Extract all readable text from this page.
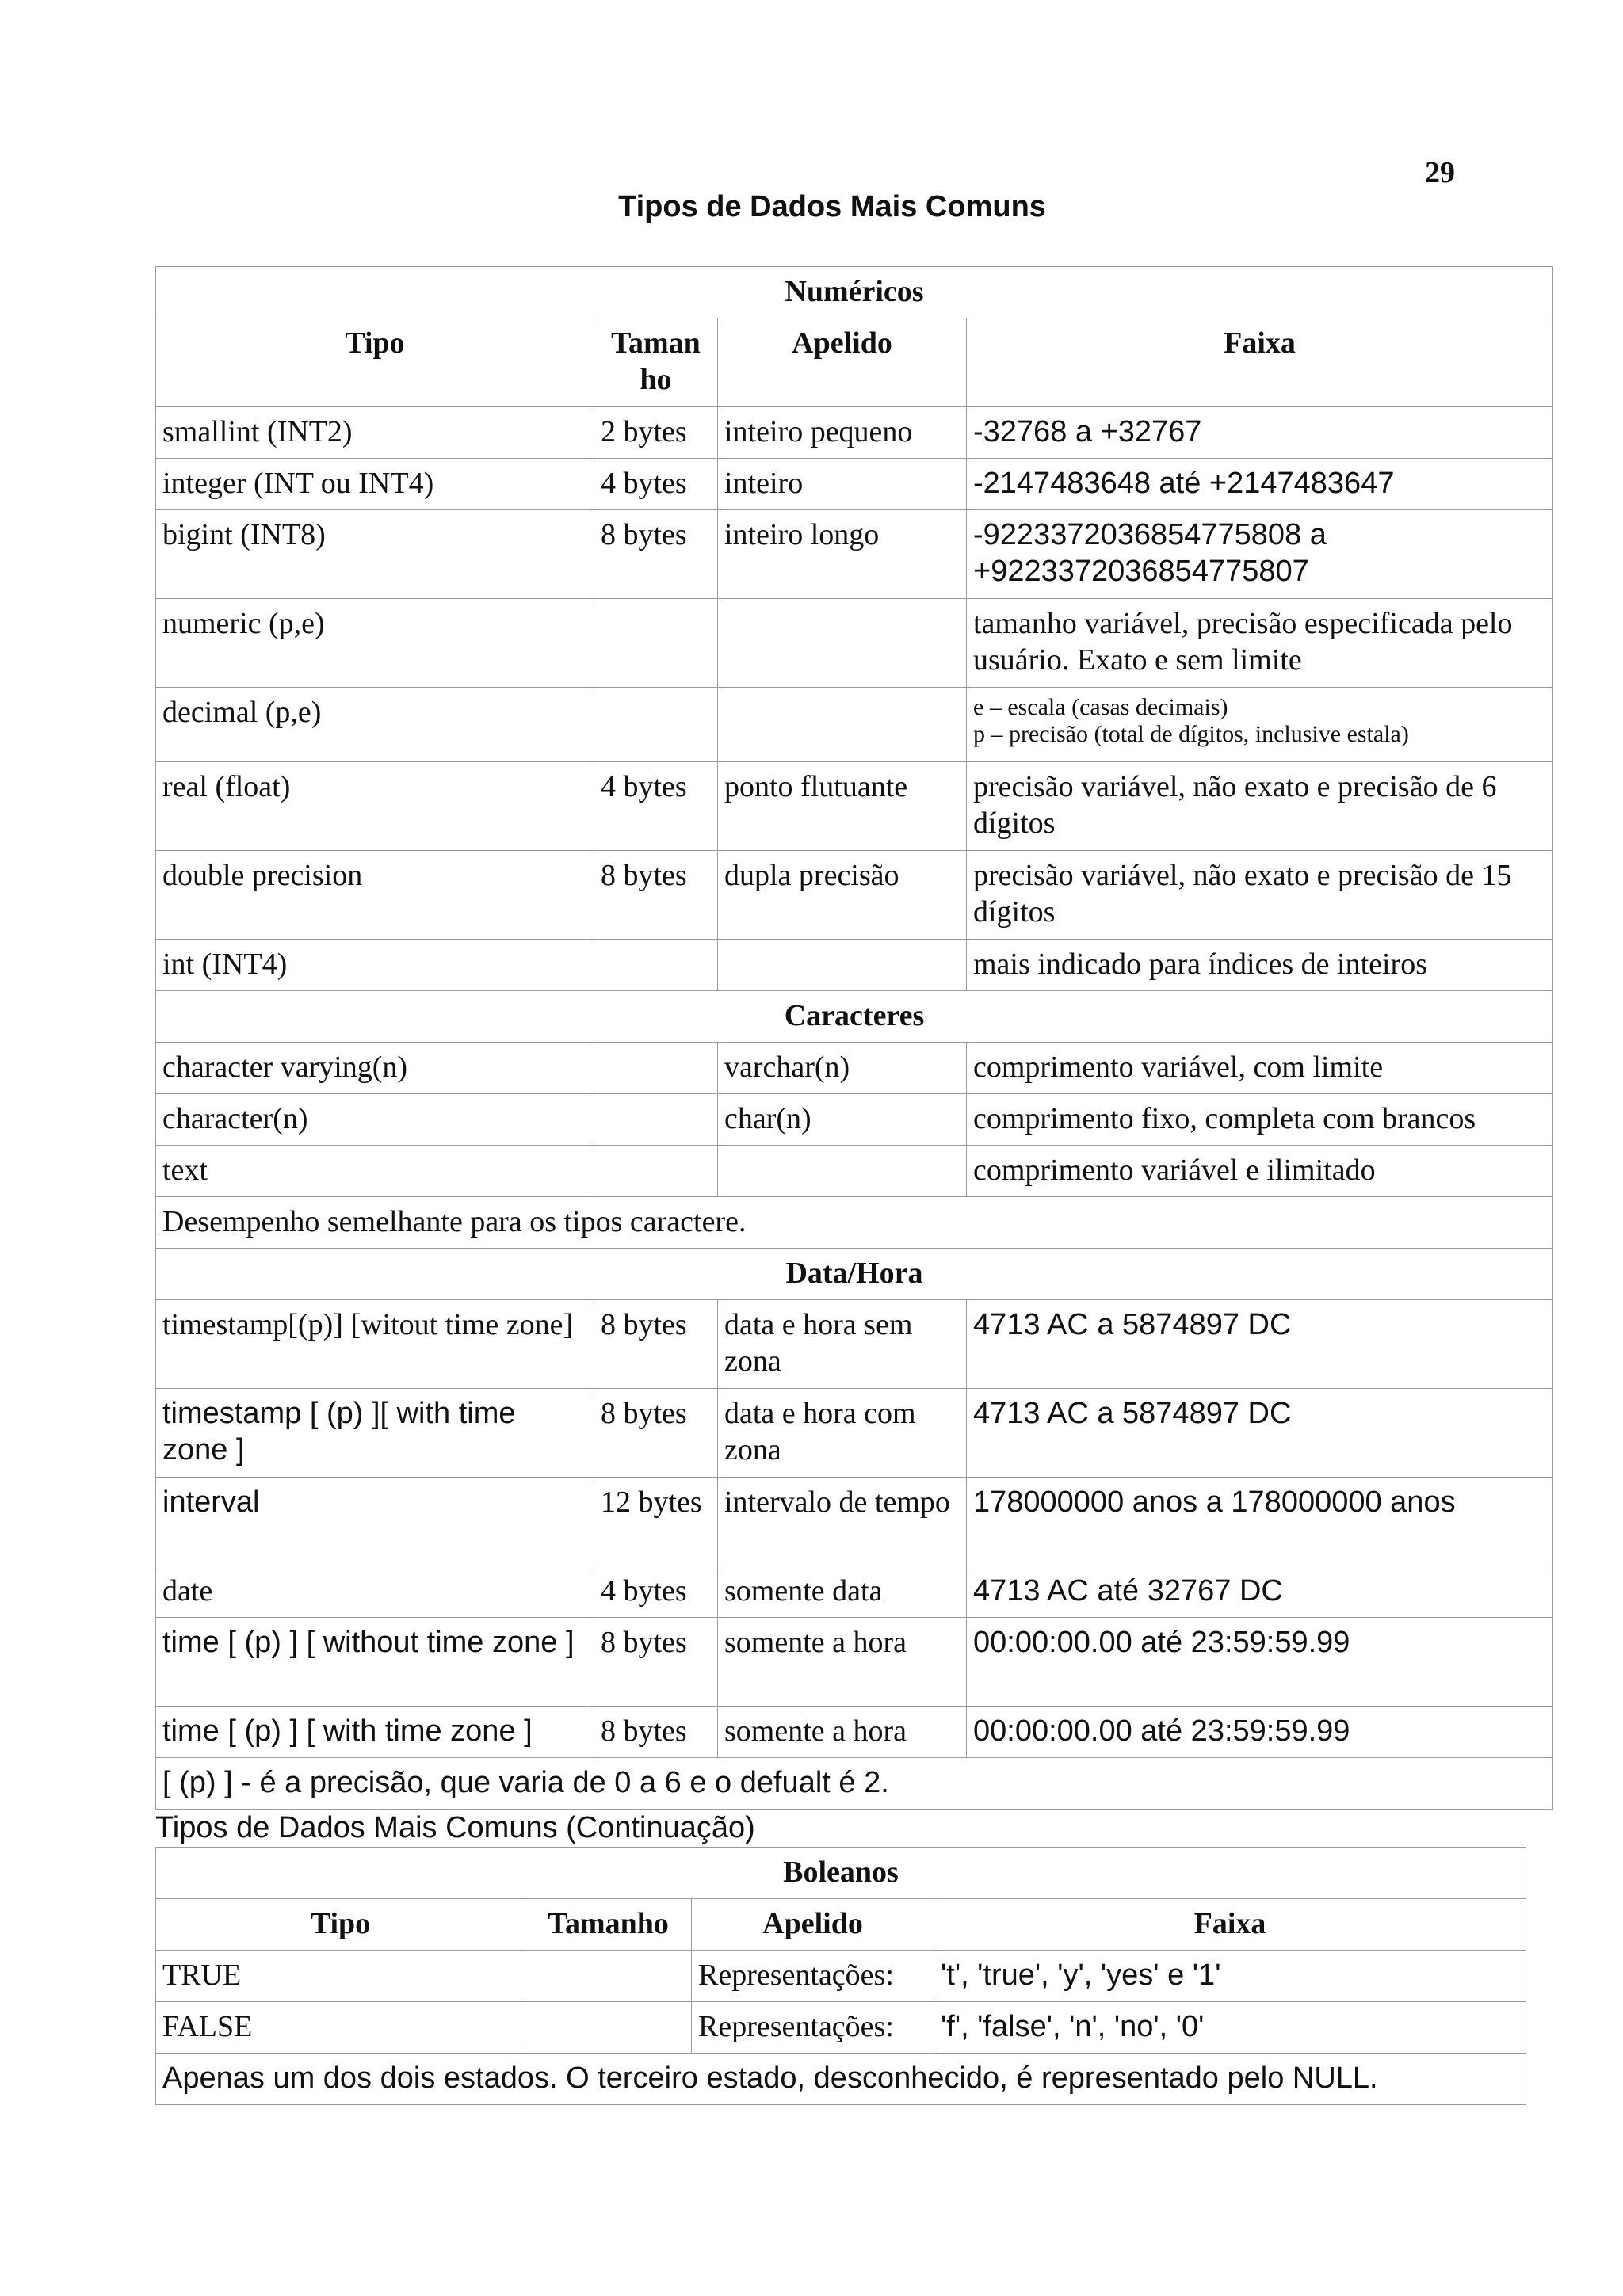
29
Tipos de Dados Mais Comuns
Numéricos			
Tipo	Taman ho	Apelido	Faixa
smallint (INT2)	2 bytes	inteiro pequeno	-32768 a +32767
integer (INT ou INT4)	4 bytes	inteiro	-2147483648 até +2147483647
bigint (INT8)	8 bytes	inteiro longo	-9223372036854775808 a +9223372036854775807
numeric (p,e)			tamanho variável, precisão especificada pelo usuário. Exato e sem limite
decimal (p,e)			e – escala (casas decimais)
p – precisão (total de dígitos, inclusive estala)

real (float)	4 bytes	ponto flutuante	precisão variável, não exato e precisão de 6 dígitos
double precision	8 bytes	dupla precisão	precisão variável, não exato e precisão de 15 dígitos
int (INT4)			mais indicado para índices de inteiros
Caracteres			
character varying(n)		varchar(n)	comprimento variável, com limite
character(n)		char(n)	comprimento fixo, completa com brancos
text			comprimento variável e ilimitado
Desempenho semelhante para os tipos caractere.			
Data/Hora			
timestamp[(p)] [witout time zone]	8 bytes	data e hora sem zona	4713 AC a 5874897 DC
timestamp [ (p) ][ with time zone ]	8 bytes	data e hora com zona	4713 AC a 5874897 DC
interval	12 bytes	intervalo de tempo	178000000 anos a 178000000 anos
date	4 bytes	somente data	4713 AC até 32767 DC
time [ (p) ] [ without time zone ]	8 bytes	somente a hora	00:00:00.00 até 23:59:59.99
time [ (p) ] [ with time zone ]	8 bytes	somente a hora	00:00:00.00 até 23:59:59.99
[ (p) ] - é a precisão, que varia de 0 a 6 e o defualt é 2.			
Tipos de Dados Mais Comuns (Continuação)
Boleanos			
Tipo	Tamanho	Apelido	Faixa
TRUE		Representações:	't', 'true', 'y', 'yes' e '1'
FALSE		Representações:	'f', 'false', 'n', 'no', '0'
Apenas um dos dois estados. O terceiro estado, desconhecido, é representado pelo NULL.			
